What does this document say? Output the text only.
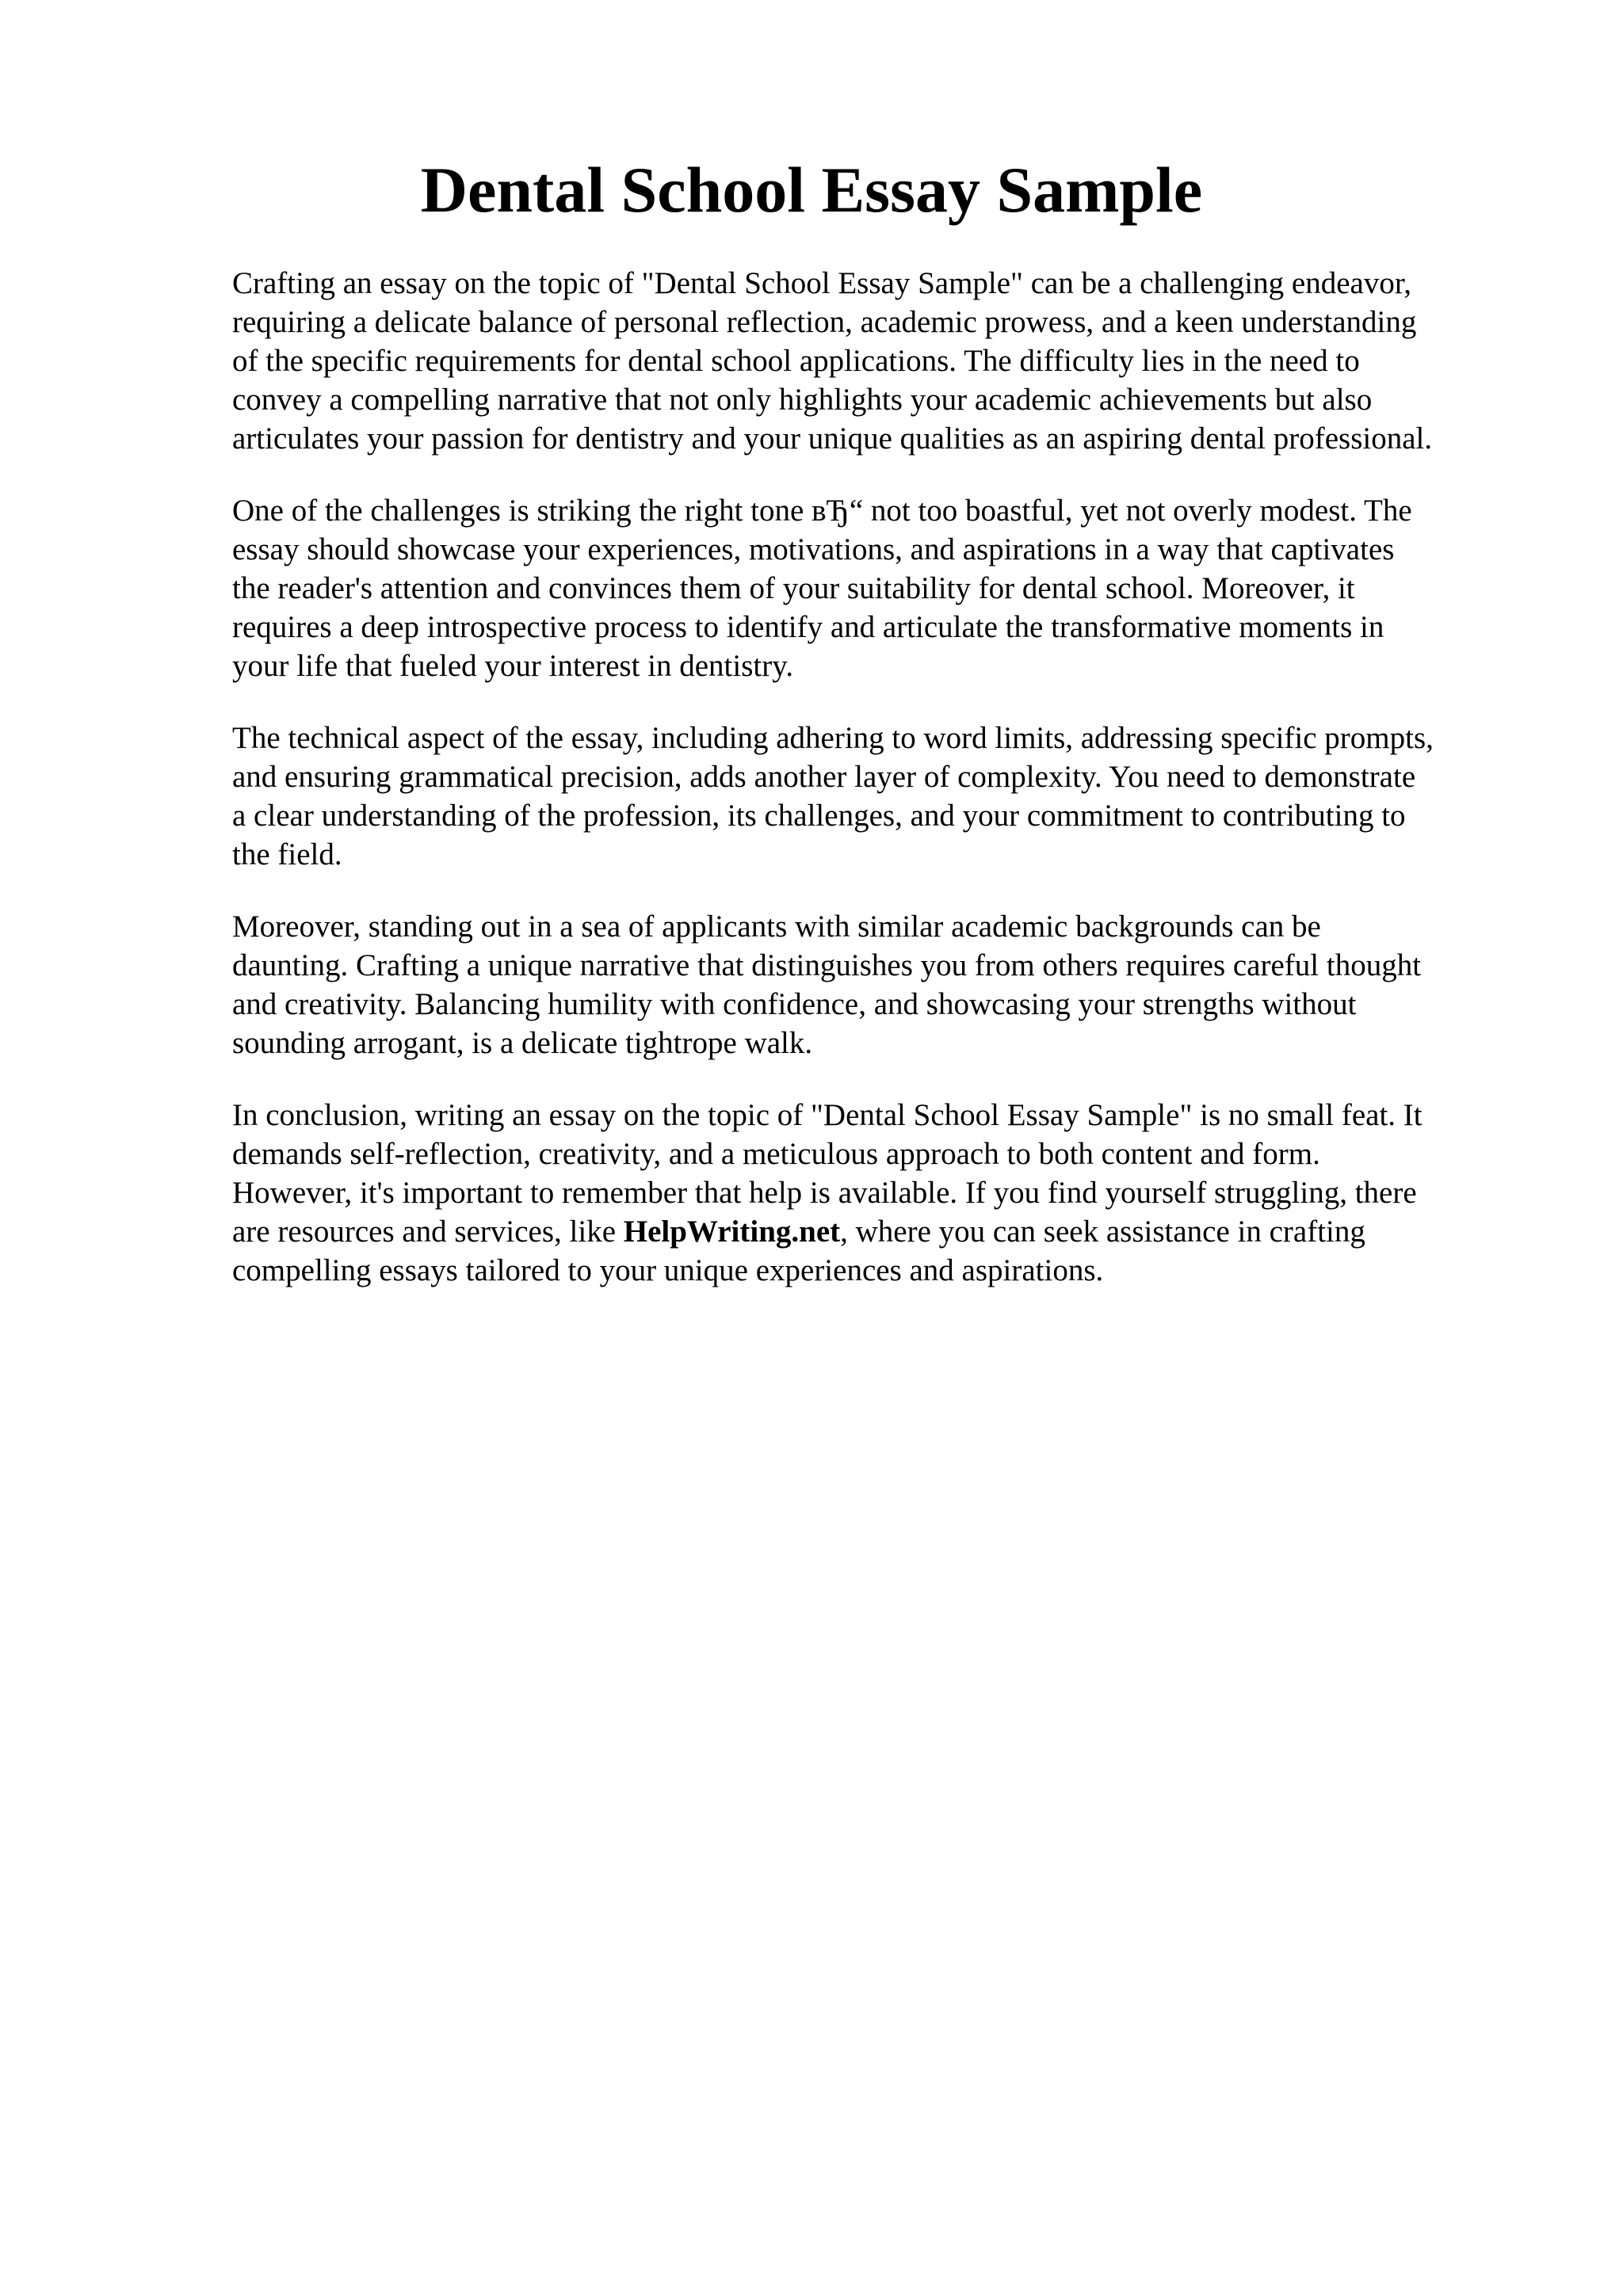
Dental School Essay Sample

Crafting an essay on the topic of "Dental School Essay Sample" can be a challenging endeavor,
requiring a delicate balance of personal reflection, academic prowess, and a keen understanding
of the specific requirements for dental school applications. The difficulty lies in the need to
convey a compelling narrative that not only highlights your academic achievements but also
articulates your passion for dentistry and your unique qualities as an aspiring dental professional.

One of the challenges is striking the right tone вЂ“ not too boastful, yet not overly modest. The
essay should showcase your experiences, motivations, and aspirations in a way that captivates
the reader's attention and convinces them of your suitability for dental school. Moreover, it
requires a deep introspective process to identify and articulate the transformative moments in
your life that fueled your interest in dentistry.

The technical aspect of the essay, including adhering to word limits, addressing specific prompts,
and ensuring grammatical precision, adds another layer of complexity. You need to demonstrate
a clear understanding of the profession, its challenges, and your commitment to contributing to
the field.

Moreover, standing out in a sea of applicants with similar academic backgrounds can be
daunting. Crafting a unique narrative that distinguishes you from others requires careful thought
and creativity. Balancing humility with confidence, and showcasing your strengths without
sounding arrogant, is a delicate tightrope walk.

In conclusion, writing an essay on the topic of "Dental School Essay Sample" is no small feat. It
demands self-reflection, creativity, and a meticulous approach to both content and form.
However, it's important to remember that help is available. If you find yourself struggling, there
are resources and services, like HelpWriting.net, where you can seek assistance in crafting
compelling essays tailored to your unique experiences and aspirations.
